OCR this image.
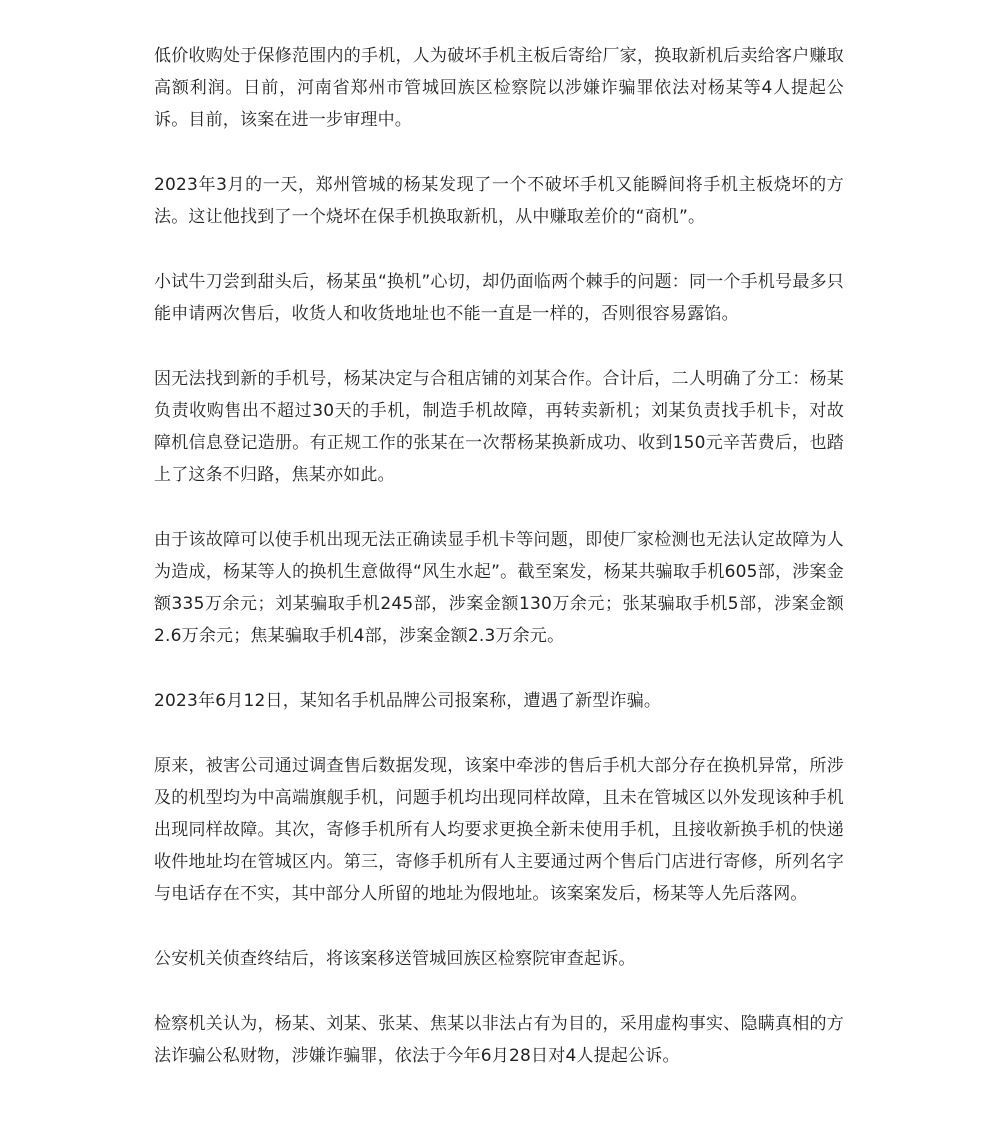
低价收购处于保修范围内的手机，人为破坏手机主板后寄给厂家，换取新机后卖给客户赚取高额利润。日前，河南省郑州市管城回族区检察院以涉嫌诈骗罪依法对杨某等4人提起公诉。目前，该案在进一步审理中。

2023年3月的一天，郑州管城的杨某发现了一个不破坏手机又能瞬间将手机主板烧坏的方法。这让他找到了一个烧坏在保手机换取新机，从中赚取差价的“商机”。

小试牛刀尝到甜头后，杨某虽“换机”心切，却仍面临两个棘手的问题：同一个手机号最多只能申请两次售后，收货人和收货地址也不能一直是一样的，否则很容易露馅。

因无法找到新的手机号，杨某决定与合租店铺的刘某合作。合计后，二人明确了分工：杨某负责收购售出不超过30天的手机，制造手机故障，再转卖新机；刘某负责找手机卡，对故障机信息登记造册。有正规工作的张某在一次帮杨某换新成功、收到150元辛苦费后，也踏上了这条不归路，焦某亦如此。

由于该故障可以使手机出现无法正确读显手机卡等问题，即使厂家检测也无法认定故障为人为造成，杨某等人的换机生意做得“风生水起”。截至案发，杨某共骗取手机605部，涉案金额335万余元；刘某骗取手机245部，涉案金额130万余元；张某骗取手机5部，涉案金额2.6万余元；焦某骗取手机4部，涉案金额2.3万余元。

2023年6月12日，某知名手机品牌公司报案称，遭遇了新型诈骗。

原来，被害公司通过调查售后数据发现，该案中牵涉的售后手机大部分存在换机异常，所涉及的机型均为中高端旗舰手机，问题手机均出现同样故障，且未在管城区以外发现该种手机出现同样故障。其次，寄修手机所有人均要求更换全新未使用手机，且接收新换手机的快递收件地址均在管城区内。第三，寄修手机所有人主要通过两个售后门店进行寄修，所列名字与电话存在不实，其中部分人所留的地址为假地址。该案案发后，杨某等人先后落网。

公安机关侦查终结后，将该案移送管城回族区检察院审查起诉。

检察机关认为，杨某、刘某、张某、焦某以非法占有为目的，采用虚构事实、隐瞒真相的方法诈骗公私财物，涉嫌诈骗罪，依法于今年6月28日对4人提起公诉。
